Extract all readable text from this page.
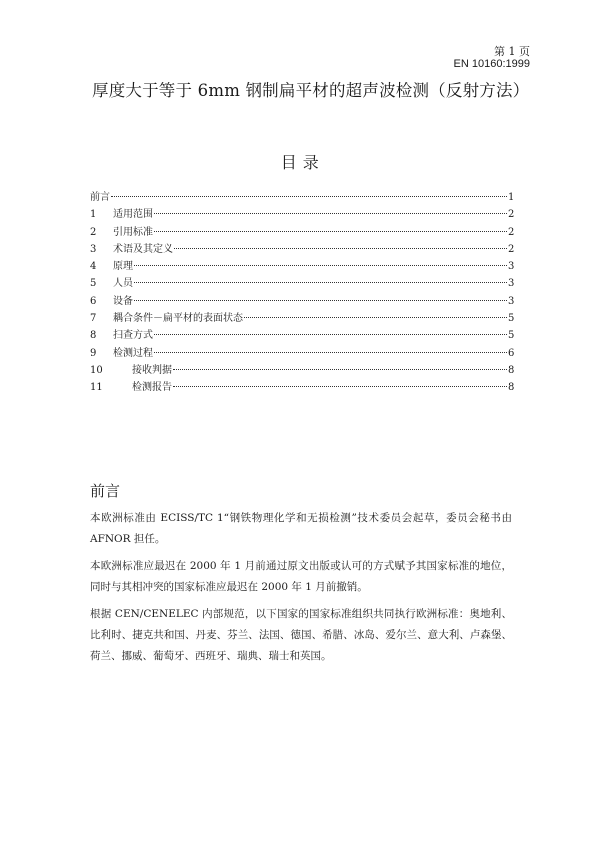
第 1 页
EN 10160:1999
厚度大于等于 6mm 钢制扁平材的超声波检测（反射方法）
目 录
前言	1
1	适用范围	2
2	引用标准	2
3	术语及其定义	2
4	原理	3
5	人员	3
6	设备	3
7	耦合条件－扁平材的表面状态	5
8	扫查方式	5
9	检测过程	6
10	接收判据	8
11	检测报告	8
前言

本欧洲标准由 ECISS/TC 1“钢铁物理化学和无损检测”技术委员会起草，委员会秘书由 AFNOR 担任。

本欧洲标准应最迟在 2000 年 1 月前通过原文出版或认可的方式赋予其国家标准的地位，同时与其相冲突的国家标准应最迟在 2000 年 1 月前撤销。

根据 CEN/CENELEC 内部规范，以下国家的国家标准组织共同执行欧洲标准：奥地利、比利时、捷克共和国、丹麦、芬兰、法国、德国、希腊、冰岛、爱尔兰、意大利、卢森堡、荷兰、挪威、葡萄牙、西班牙、瑞典、瑞士和英国。
